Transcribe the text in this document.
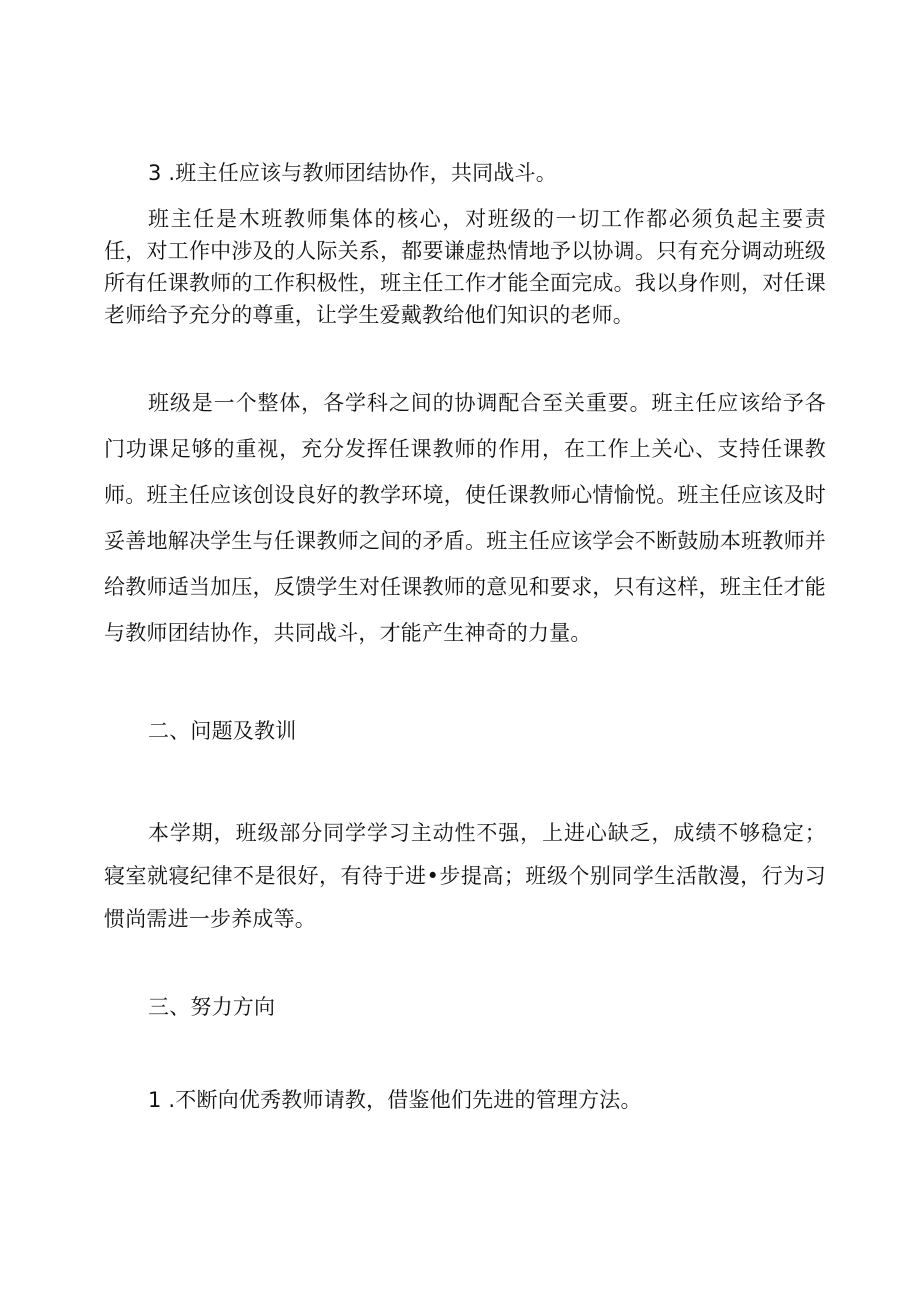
3 .班主任应该与教师团结协作，共同战斗。
班主任是木班教师集体的核心，对班级的一切工作都必须负起主要责任，对工作中涉及的人际关系，都要谦虚热情地予以协调。只有充分调动班级所有任课教师的工作积极性，班主任工作才能全面完成。我以身作则，对任课老师给予充分的尊重，让学生爱戴教给他们知识的老师。
班级是一个整体，各学科之间的协调配合至关重要。班主任应该给予各门功课足够的重视，充分发挥任课教师的作用，在工作上关心、支持任课教师。班主任应该创设良好的教学环境，使任课教师心情愉悦。班主任应该及时妥善地解决学生与任课教师之间的矛盾。班主任应该学会不断鼓励本班教师并给教师适当加压，反馈学生对任课教师的意见和要求，只有这样，班主任才能与教师团结协作，共同战斗，才能产生神奇的力量。
二、问题及教训
本学期，班级部分同学学习主动性不强，上进心缺乏，成绩不够稳定；寝室就寝纪律不是很好，有待于进•步提高；班级个别同学生活散漫，行为习惯尚需进一步养成等。
三、努力方向
1 .不断向优秀教师请教，借鉴他们先进的管理方法。
